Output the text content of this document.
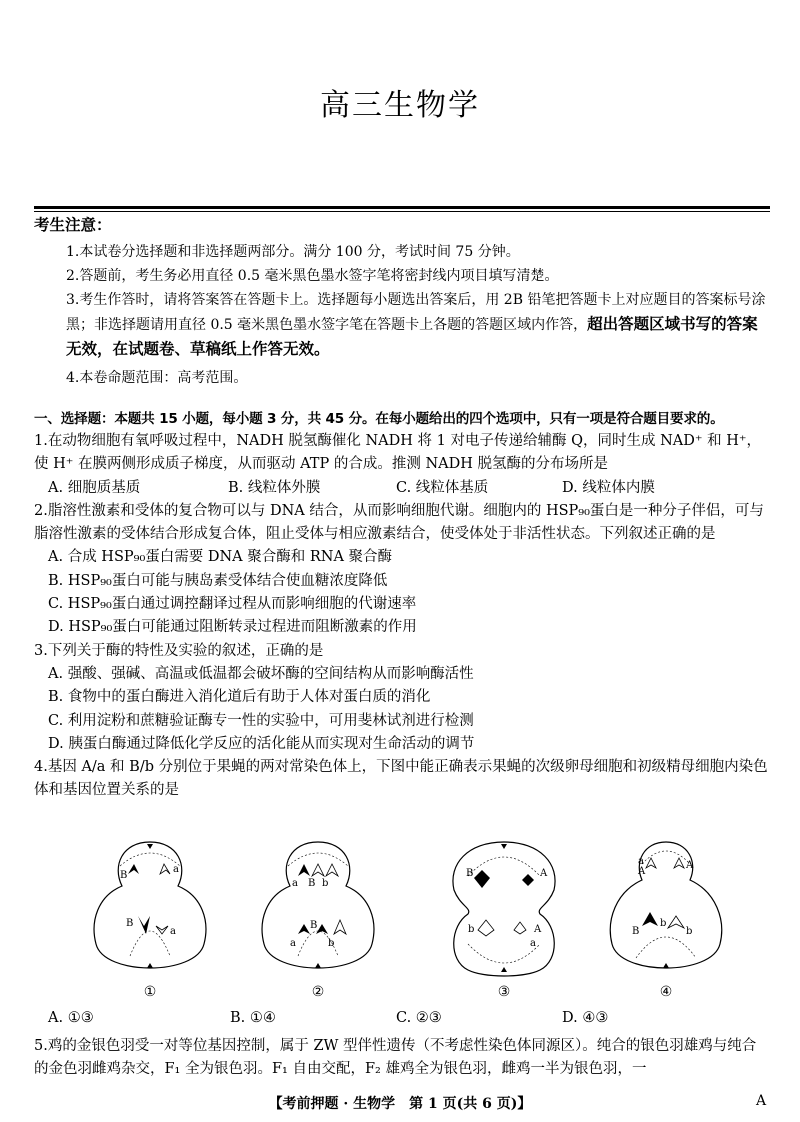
高三生物学
考生注意：

1.本试卷分选择题和非选择题两部分。满分 100 分，考试时间 75 分钟。

2.答题前，考生务必用直径 0.5 毫米黑色墨水签字笔将密封线内项目填写清楚。

3.考生作答时，请将答案答在答题卡上。选择题每小题选出答案后，用 2B 铅笔把答题卡上对应题目的答案标号涂黑；非选择题请用直径 0.5 毫米黑色墨水签字笔在答题卡上各题的答题区域内作答，超出答题区域书写的答案无效，在试题卷、草稿纸上作答无效。

4.本卷命题范围：高考范围。

一、选择题：本题共 15 小题，每小题 3 分，共 45 分。在每小题给出的四个选项中，只有一项是符合题目要求的。

1.在动物细胞有氧呼吸过程中，NADH 脱氢酶催化 NADH 将 1 对电子传递给辅酶 Q，同时生成 NAD⁺ 和 H⁺，使 H⁺ 在膜两侧形成质子梯度，从而驱动 ATP 的合成。推测 NADH 脱氢酶的分布场所是

A. 细胞质基质	B. 线粒体外膜	C. 线粒体基质	D. 线粒体内膜

2.脂溶性激素和受体的复合物可以与 DNA 结合，从而影响细胞代谢。细胞内的 HSP₉₀蛋白是一种分子伴侣，可与脂溶性激素的受体结合形成复合体，阻止受体与相应激素结合，使受体处于非活性状态。下列叙述正确的是

A. 合成 HSP₉₀蛋白需要 DNA 聚合酶和 RNA 聚合酶

B. HSP₉₀蛋白可能与胰岛素受体结合使血糖浓度降低

C. HSP₉₀蛋白通过调控翻译过程从而影响细胞的代谢速率

D. HSP₉₀蛋白可能通过阻断转录过程进而阻断激素的作用

3.下列关于酶的特性及实验的叙述，正确的是

A. 强酸、强碱、高温或低温都会破坏酶的空间结构从而影响酶活性

B. 食物中的蛋白酶进入消化道后有助于人体对蛋白质的消化

C. 利用淀粉和蔗糖验证酶专一性的实验中，可用斐林试剂进行检测

D. 胰蛋白酶通过降低化学反应的活化能从而实现对生命活动的调节

4.基因 A/a 和 B/b 分别位于果蝇的两对常染色体上，下图中能正确表示果蝇的次级卵母细胞和初级精母细胞内染色体和基因位置关系的是

B
a
B
a
a B b
a
B
b
B	A
b	A
a
a
A
A
B
b
b
①	②	③	④
A. ①③	B. ①④	C. ②③	D. ④③
5.鸡的金银色羽受一对等位基因控制，属于 ZW 型伴性遗传（不考虑性染色体同源区）。纯合的银色羽雄鸡与纯合的金色羽雌鸡杂交，F₁ 全为银色羽。F₁ 自由交配，F₂ 雄鸡全为银色羽，雌鸡一半为银色羽，一
【考前押题 · 生物学　第 1 页(共 6 页)】	A
